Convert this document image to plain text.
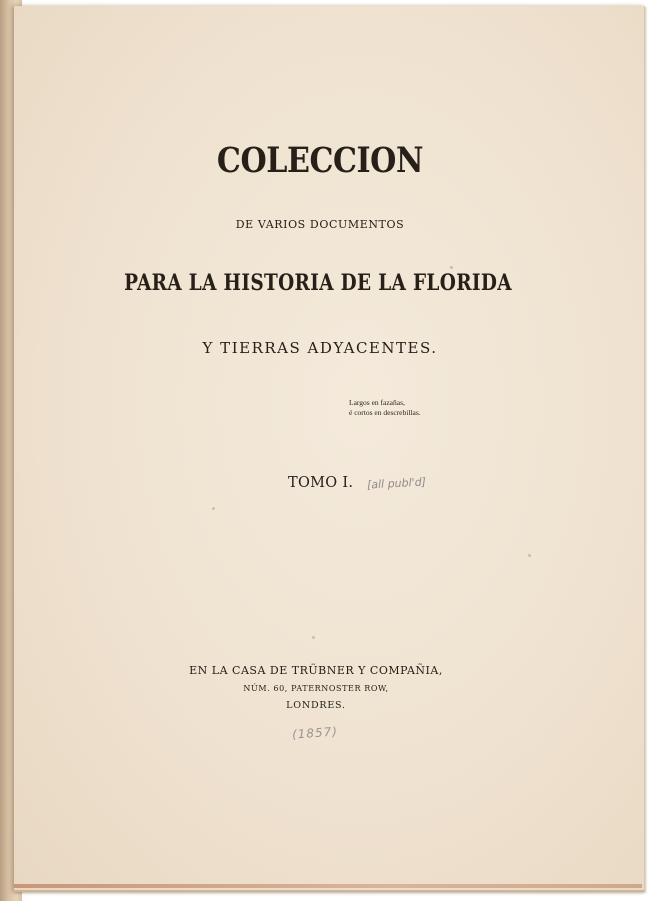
COLECCION
DE VARIOS DOCUMENTOS
PARA LA HISTORIA DE LA FLORIDA
Y TIERRAS ADYACENTES.
Largos en fazañas,
é cortos en descrebillas.
TOMO I. [all publ'd]
EN LA CASA DE TRÜBNER Y COMPAÑIA,
NÚM. 60, PATERNOSTER ROW,
LONDRES.
(1857)
